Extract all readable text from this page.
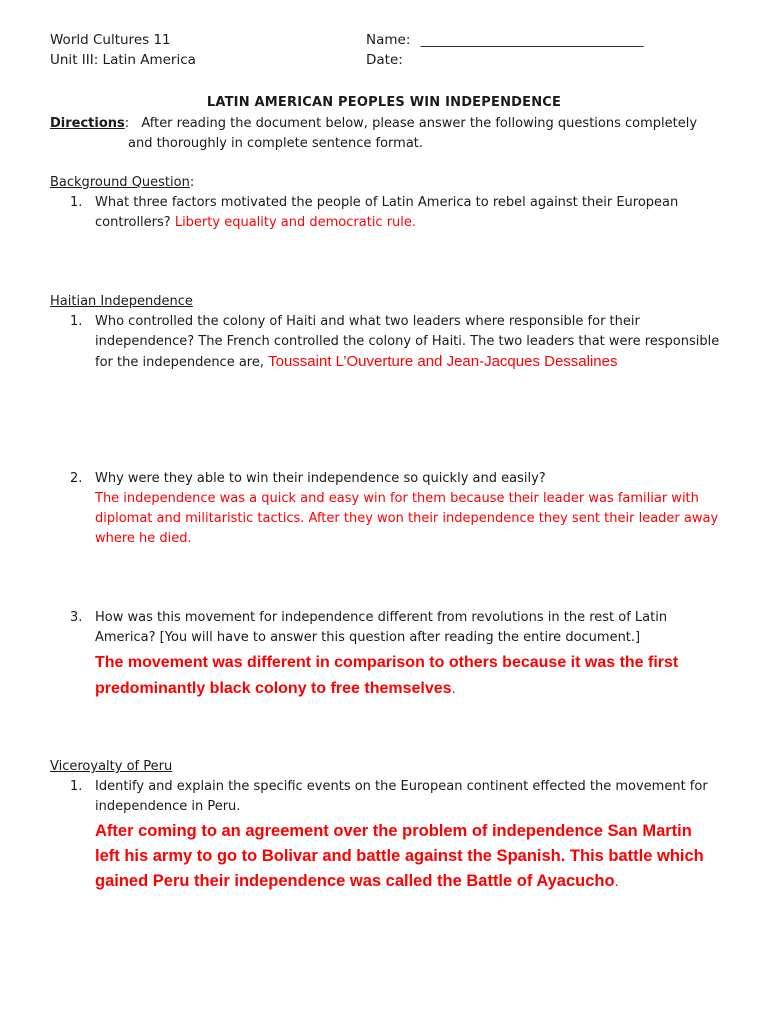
World Cultures 11
Unit III: Latin America
Name: _________________________________
Date:
LATIN AMERICAN PEOPLES WIN INDEPENDENCE
Directions: After reading the document below, please answer the following questions completely and thoroughly in complete sentence format.
Background Question:
1. What three factors motivated the people of Latin America to rebel against their European controllers? Liberty equality and democratic rule.
Haitian Independence
1. Who controlled the colony of Haiti and what two leaders where responsible for their independence? The French controlled the colony of Haiti. The two leaders that were responsible for the independence are, Toussaint L’Ouverture and Jean-Jacques Dessalines
2. Why were they able to win their independence so quickly and easily?
The independence was a quick and easy win for them because their leader was familiar with diplomat and militaristic tactics. After they won their independence they sent their leader away where he died.
3. How was this movement for independence different from revolutions in the rest of Latin America? [You will have to answer this question after reading the entire document.]
The movement was different in comparison to others because it was the first predominantly black colony to free themselves.
Viceroyalty of Peru
1. Identify and explain the specific events on the European continent effected the movement for independence in Peru.
After coming to an agreement over the problem of independence San Martin left his army to go to Bolivar and battle against the Spanish. This battle which gained Peru their independence was called the Battle of Ayacucho.
